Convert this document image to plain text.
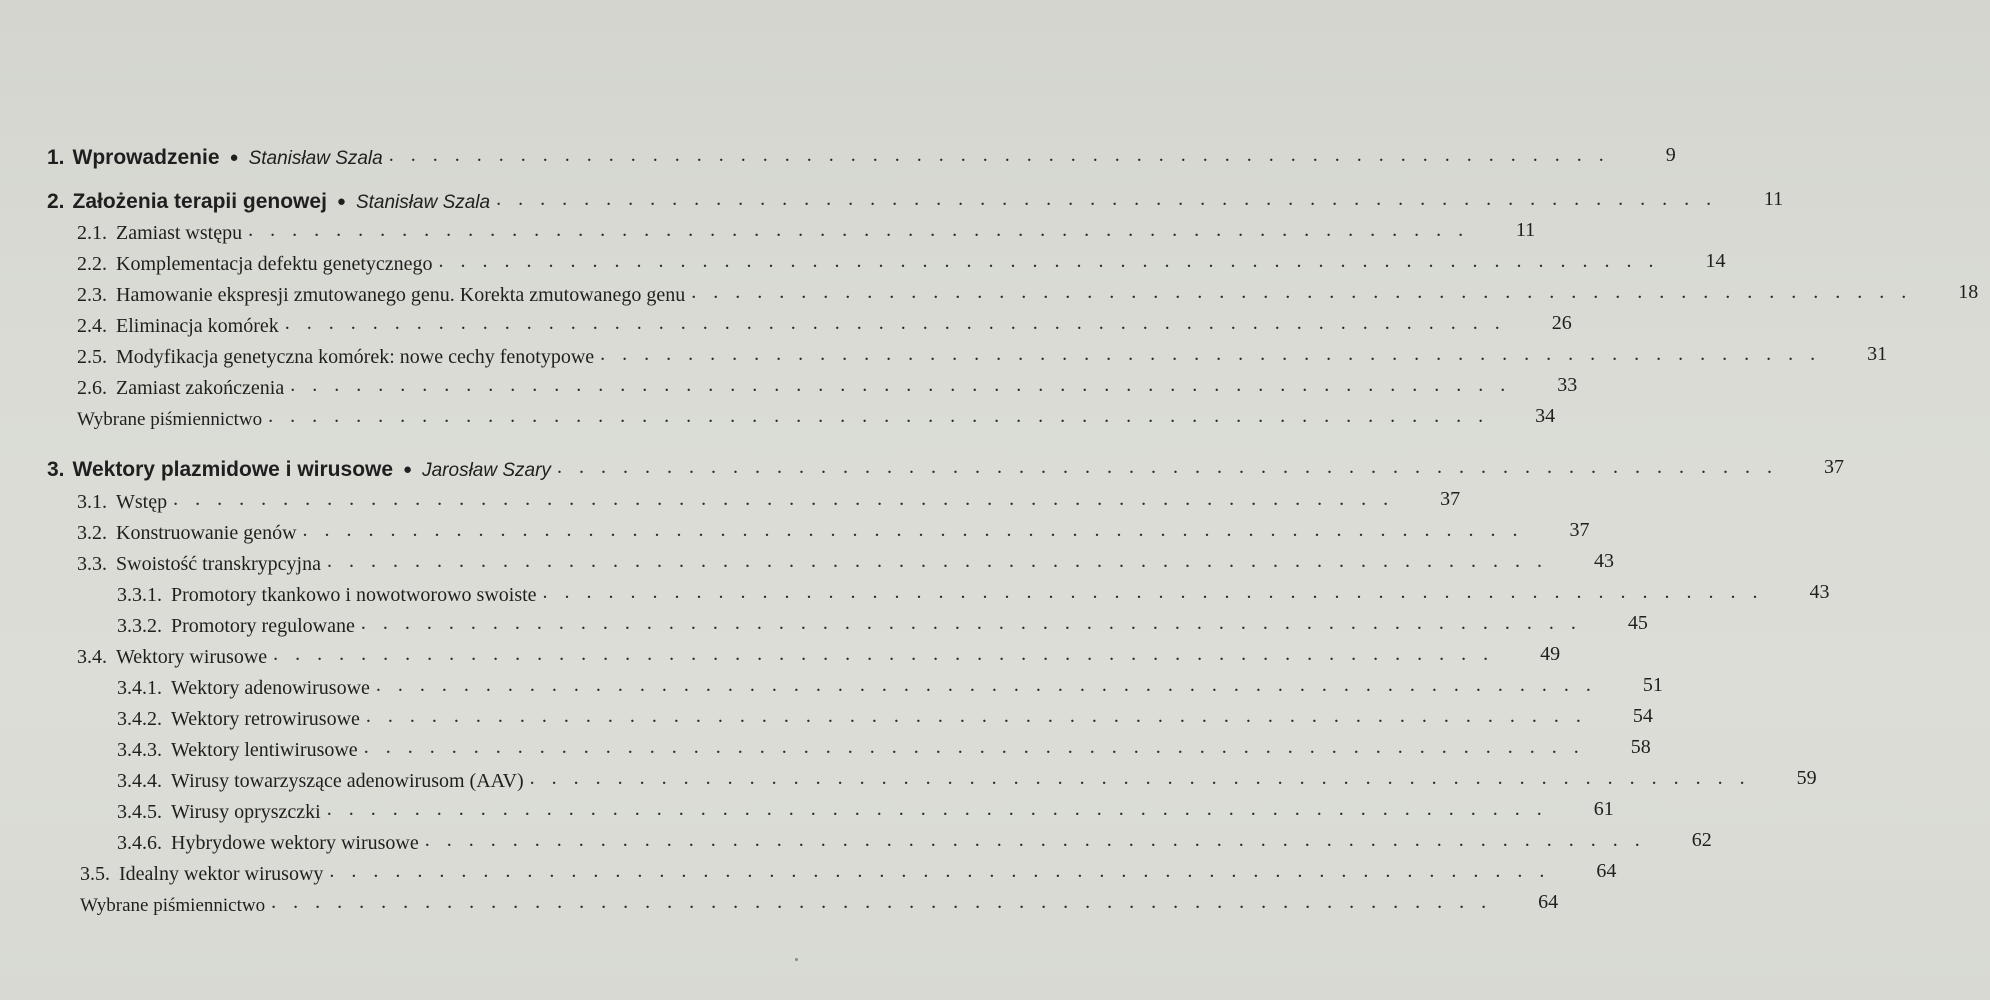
1. Wprowadzenie ● Stanisław Szala . . . . . . . . . . . . . . . . . . . . . . . . . . . . . . . . . . . . . . . . . . . . . . . . . . . . . . . .	9
2. Założenia terapii genowej ● Stanisław Szala . . . . . . . . . . . . . . . . . . . . . . . . . . . . . . . . . . . . . . . . . . . . . . . . . . . . . . . .	11
2.1. Zamiast wstępu . . . . . . . . . . . . . . . . . . . . . . . . . . . . . . . . . . . . . . . . . . . . . . . . . . . . . . . .	11
2.2. Komplementacja defektu genetycznego . . . . . . . . . . . . . . . . . . . . . . . . . . . . . . . . . . . . . . . . . . . . . . . . . . . . . . . .	14
2.3. Hamowanie ekspresji zmutowanego genu. Korekta zmutowanego genu . . . . . . . . . . . . . . . . . . . . . . . . . . . . . . . . . . . . . . . . . . . . . . . . . . . . . . . .	18
2.4. Eliminacja komórek . . . . . . . . . . . . . . . . . . . . . . . . . . . . . . . . . . . . . . . . . . . . . . . . . . . . . . . .	26
2.5. Modyfikacja genetyczna komórek: nowe cechy fenotypowe . . . . . . . . . . . . . . . . . . . . . . . . . . . . . . . . . . . . . . . . . . . . . . . . . . . . . . . .	31
2.6. Zamiast zakończenia . . . . . . . . . . . . . . . . . . . . . . . . . . . . . . . . . . . . . . . . . . . . . . . . . . . . . . . .	33
Wybrane piśmiennictwo . . . . . . . . . . . . . . . . . . . . . . . . . . . . . . . . . . . . . . . . . . . . . . . . . . . . . . . .	34
3. Wektory plazmidowe i wirusowe ● Jarosław Szary . . . . . . . . . . . . . . . . . . . . . . . . . . . . . . . . . . . . . . . . . . . . . . . . . . . . . . . .	37
3.1. Wstęp . . . . . . . . . . . . . . . . . . . . . . . . . . . . . . . . . . . . . . . . . . . . . . . . . . . . . . . .	37
3.2. Konstruowanie genów . . . . . . . . . . . . . . . . . . . . . . . . . . . . . . . . . . . . . . . . . . . . . . . . . . . . . . . .	37
3.3. Swoistość transkrypcyjna . . . . . . . . . . . . . . . . . . . . . . . . . . . . . . . . . . . . . . . . . . . . . . . . . . . . . . . .	43
3.3.1. Promotory tkankowo i nowotworowo swoiste . . . . . . . . . . . . . . . . . . . . . . . . . . . . . . . . . . . . . . . . . . . . . . . . . . . . . . . .	43
3.3.2. Promotory regulowane . . . . . . . . . . . . . . . . . . . . . . . . . . . . . . . . . . . . . . . . . . . . . . . . . . . . . . . .	45
3.4. Wektory wirusowe . . . . . . . . . . . . . . . . . . . . . . . . . . . . . . . . . . . . . . . . . . . . . . . . . . . . . . . .	49
3.4.1. Wektory adenowirusowe . . . . . . . . . . . . . . . . . . . . . . . . . . . . . . . . . . . . . . . . . . . . . . . . . . . . . . . .	51
3.4.2. Wektory retrowirusowe . . . . . . . . . . . . . . . . . . . . . . . . . . . . . . . . . . . . . . . . . . . . . . . . . . . . . . . .	54
3.4.3. Wektory lentiwirusowe . . . . . . . . . . . . . . . . . . . . . . . . . . . . . . . . . . . . . . . . . . . . . . . . . . . . . . . .	58
3.4.4. Wirusy towarzyszące adenowirusom (AAV) . . . . . . . . . . . . . . . . . . . . . . . . . . . . . . . . . . . . . . . . . . . . . . . . . . . . . . . .	59
3.4.5. Wirusy opryszczki . . . . . . . . . . . . . . . . . . . . . . . . . . . . . . . . . . . . . . . . . . . . . . . . . . . . . . . .	61
3.4.6. Hybrydowe wektory wirusowe . . . . . . . . . . . . . . . . . . . . . . . . . . . . . . . . . . . . . . . . . . . . . . . . . . . . . . . .	62
3.5. Idealny wektor wirusowy . . . . . . . . . . . . . . . . . . . . . . . . . . . . . . . . . . . . . . . . . . . . . . . . . . . . . . . .	64
Wybrane piśmiennictwo . . . . . . . . . . . . . . . . . . . . . . . . . . . . . . . . . . . . . . . . . . . . . . . . . . . . . . . .	64
